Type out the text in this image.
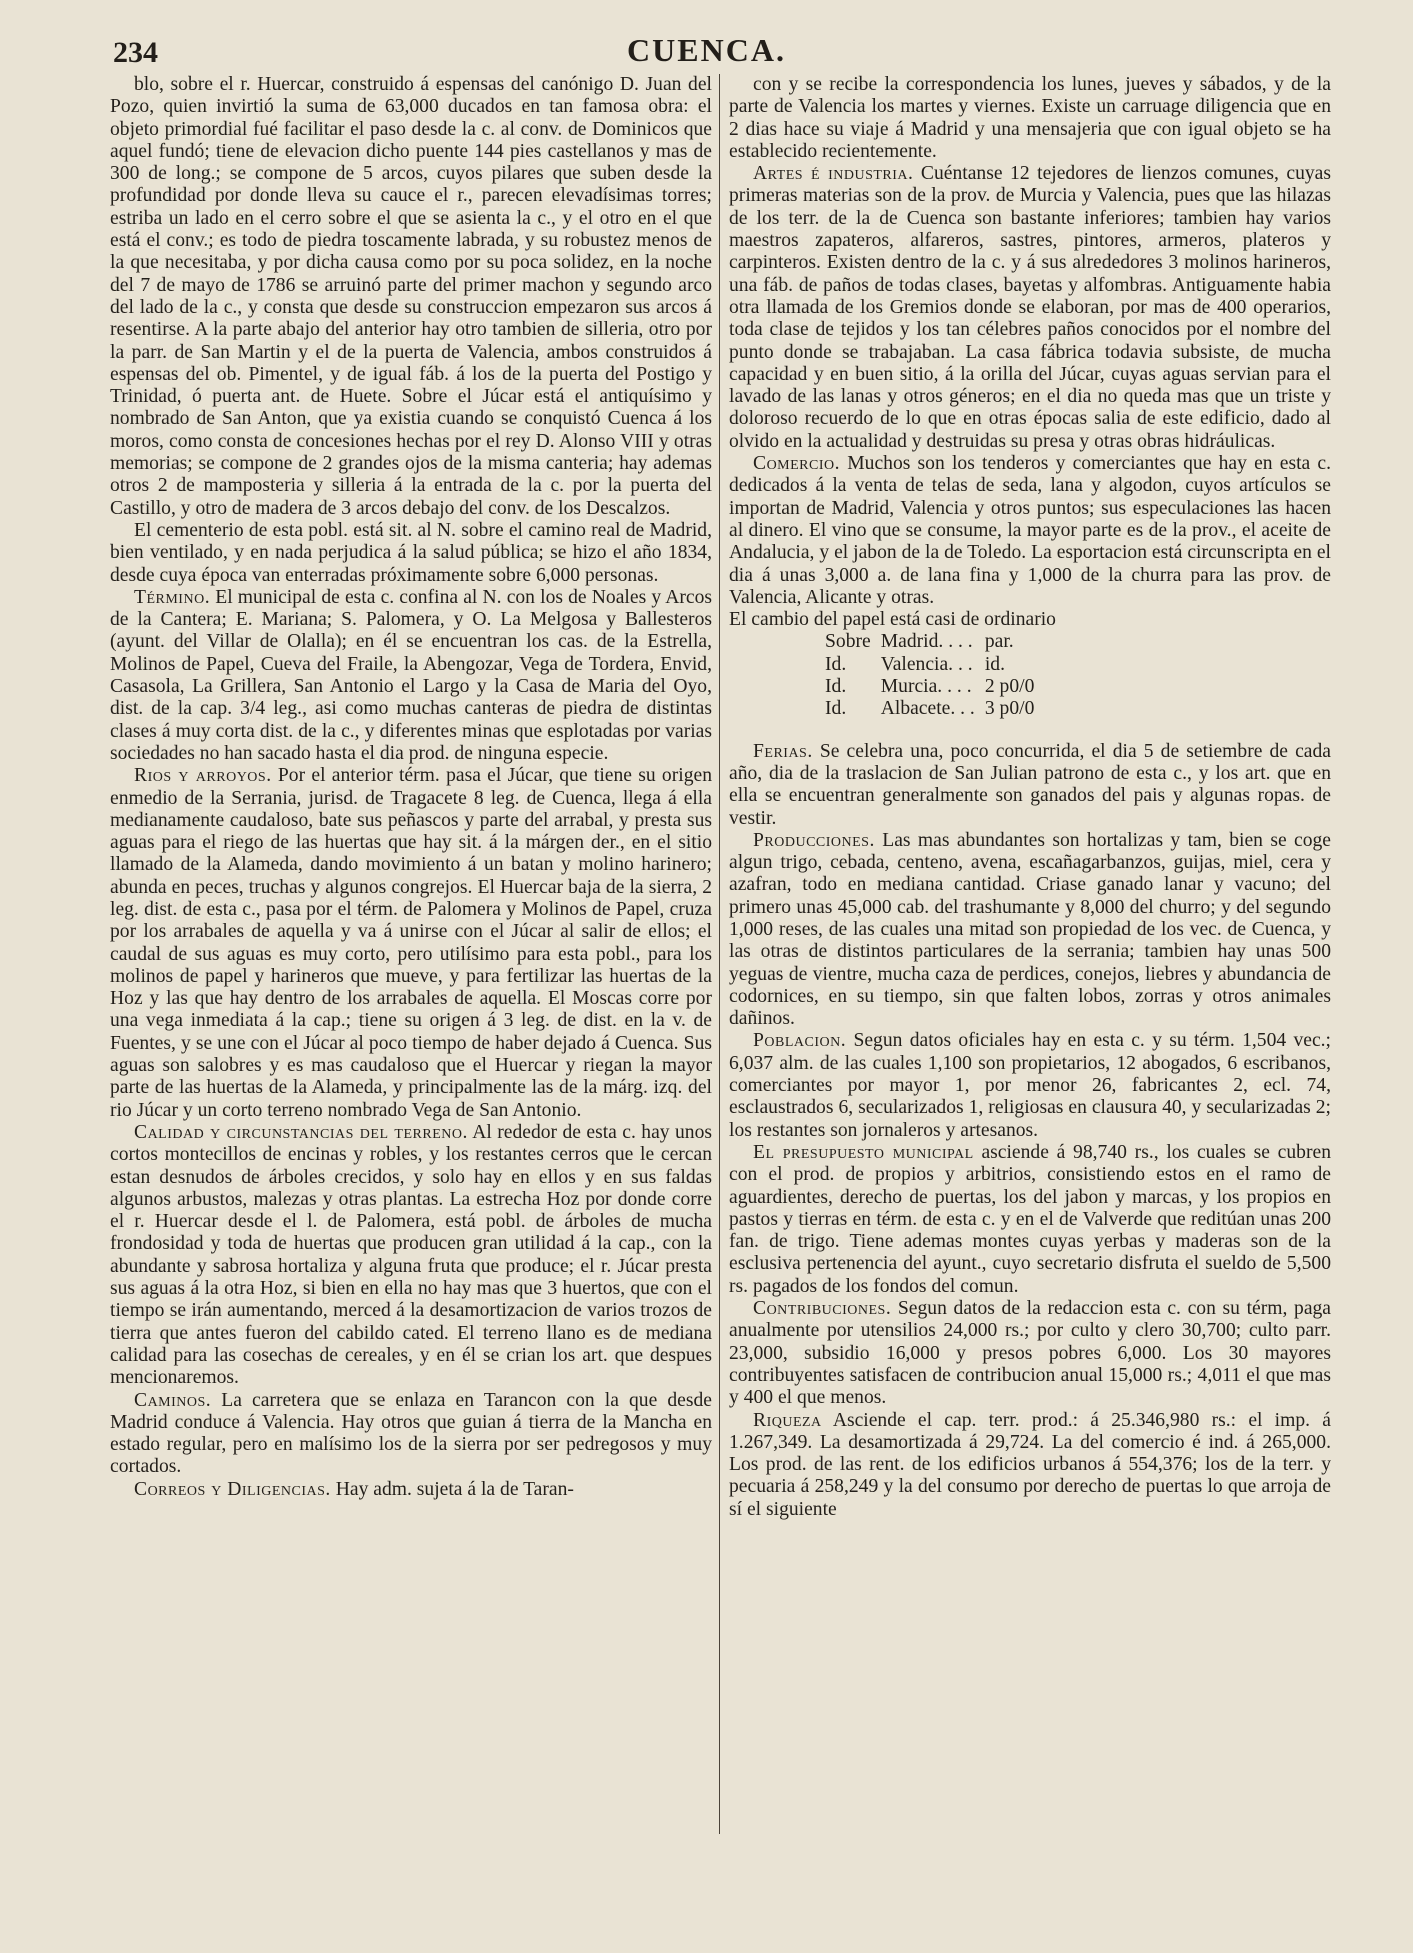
234	CUENCA.

blo, sobre el r. Huercar, construido á espensas del canónigo D. Juan del Pozo, quien invirtió la suma de 63,000 ducados en tan famosa obra: el objeto primordial fué facilitar el paso desde la c. al conv. de Dominicos que aquel fundó; tiene de elevacion dicho puente 144 pies castellanos y mas de 300 de long.; se compone de 5 arcos, cuyos pilares que suben desde la profundidad por donde lleva su cauce el r., parecen elevadísimas torres; estriba un lado en el cerro sobre el que se asienta la c., y el otro en el que está el conv.; es todo de piedra toscamente labrada, y su robustez menos de la que necesitaba, y por dicha causa como por su poca solidez, en la noche del 7 de mayo de 1786 se arruinó parte del primer machon y segundo arco del lado de la c., y consta que desde su construccion empezaron sus arcos á resentirse. A la parte abajo del anterior hay otro tambien de silleria, otro por la parr. de San Martin y el de la puerta de Valencia, ambos construidos á espensas del ob. Pimentel, y de igual fáb. á los de la puerta del Postigo y Trinidad, ó puerta ant. de Huete. Sobre el Júcar está el antiquísimo y nombrado de San Anton, que ya existia cuando se conquistó Cuenca á los moros, como consta de concesiones hechas por el rey D. Alonso VIII y otras memorias; se compone de 2 grandes ojos de la misma canteria; hay ademas otros 2 de mamposteria y silleria á la entrada de la c. por la puerta del Castillo, y otro de madera de 3 arcos debajo del conv. de los Descalzos.

El cementerio de esta pobl. está sit. al N. sobre el camino real de Madrid, bien ventilado, y en nada perjudica á la salud pública; se hizo el año 1834, desde cuya época van enterradas próximamente sobre 6,000 personas.

Término. El municipal de esta c. confina al N. con los de Noales y Arcos de la Cantera; E. Mariana; S. Palomera, y O. La Melgosa y Ballesteros (ayunt. del Villar de Olalla); en él se encuentran los cas. de la Estrella, Molinos de Papel, Cueva del Fraile, la Abengozar, Vega de Tordera, Envid, Casasola, La Grillera, San Antonio el Largo y la Casa de Maria del Oyo, dist. de la cap. 3/4 leg., asi como muchas canteras de piedra de distintas clases á muy corta dist. de la c., y diferentes minas que esplotadas por varias sociedades no han sacado hasta el dia prod. de ninguna especie.

Rios y arroyos. Por el anterior térm. pasa el Júcar, que tiene su origen enmedio de la Serrania, jurisd. de Tragacete 8 leg. de Cuenca, llega á ella medianamente caudaloso, bate sus peñascos y parte del arrabal, y presta sus aguas para el riego de las huertas que hay sit. á la márgen der., en el sitio llamado de la Alameda, dando movimiento á un batan y molino harinero; abunda en peces, truchas y algunos congrejos. El Huercar baja de la sierra, 2 leg. dist. de esta c., pasa por el térm. de Palomera y Molinos de Papel, cruza por los arrabales de aquella y va á unirse con el Júcar al salir de ellos; el caudal de sus aguas es muy corto, pero utilísimo para esta pobl., para los molinos de papel y harineros que mueve, y para fertilizar las huertas de la Hoz y las que hay dentro de los arrabales de aquella. El Moscas corre por una vega inmediata á la cap.; tiene su origen á 3 leg. de dist. en la v. de Fuentes, y se une con el Júcar al poco tiempo de haber dejado á Cuenca. Sus aguas son salobres y es mas caudaloso que el Huercar y riegan la mayor parte de las huertas de la Alameda, y principalmente las de la márg. izq. del rio Júcar y un corto terreno nombrado Vega de San Antonio.

Calidad y circunstancias del terreno. Al rededor de esta c. hay unos cortos montecillos de encinas y robles, y los restantes cerros que le cercan estan desnudos de árboles crecidos, y solo hay en ellos y en sus faldas algunos arbustos, malezas y otras plantas. La estrecha Hoz por donde corre el r. Huercar desde el l. de Palomera, está pobl. de árboles de mucha frondosidad y toda de huertas que producen gran utilidad á la cap., con la abundante y sabrosa hortaliza y alguna fruta que produce; el r. Júcar presta sus aguas á la otra Hoz, si bien en ella no hay mas que 3 huertos, que con el tiempo se irán aumentando, merced á la desamortizacion de varios trozos de tierra que antes fueron del cabildo cated. El terreno llano es de mediana calidad para las cosechas de cereales, y en él se crian los art. que despues mencionaremos.

Caminos. La carretera que se enlaza en Tarancon con la que desde Madrid conduce á Valencia. Hay otros que guian á tierra de la Mancha en estado regular, pero en malísimo los de la sierra por ser pedregosos y muy cortados.

Correos y Diligencias. Hay adm. sujeta á la de Taran-

con y se recibe la correspondencia los lunes, jueves y sábados, y de la parte de Valencia los martes y viernes. Existe un carruage diligencia que en 2 dias hace su viaje á Madrid y una mensajeria que con igual objeto se ha establecido recientemente.

Artes é industria. Cuéntanse 12 tejedores de lienzos comunes, cuyas primeras materias son de la prov. de Murcia y Valencia, pues que las hilazas de los terr. de la de Cuenca son bastante inferiores; tambien hay varios maestros zapateros, alfareros, sastres, pintores, armeros, plateros y carpinteros. Existen dentro de la c. y á sus alrededores 3 molinos harineros, una fáb. de paños de todas clases, bayetas y alfombras. Antiguamente habia otra llamada de los Gremios donde se elaboran, por mas de 400 operarios, toda clase de tejidos y los tan célebres paños conocidos por el nombre del punto donde se trabajaban. La casa fábrica todavia subsiste, de mucha capacidad y en buen sitio, á la orilla del Júcar, cuyas aguas servian para el lavado de las lanas y otros géneros; en el dia no queda mas que un triste y doloroso recuerdo de lo que en otras épocas salia de este edificio, dado al olvido en la actualidad y destruidas su presa y otras obras hidráulicas.

Comercio. Muchos son los tenderos y comerciantes que hay en esta c. dedicados á la venta de telas de seda, lana y algodon, cuyos artículos se importan de Madrid, Valencia y otros puntos; sus especulaciones las hacen al dinero. El vino que se consume, la mayor parte es de la prov., el aceite de Andalucia, y el jabon de la de Toledo. La esportacion está circunscripta en el dia á unas 3,000 a. de lana fina y 1,000 de la churra para las prov. de Valencia, Alicante y otras.

El cambio del papel está casi de ordinario

Sobre	Madrid. . . .	par.
Id.	Valencia. . .	id.
Id.	Murcia. . . .	2 p0/0
Id.	Albacete. . .	3 p0/0

Ferias. Se celebra una, poco concurrida, el dia 5 de setiembre de cada año, dia de la traslacion de San Julian patrono de esta c., y los art. que en ella se encuentran generalmente son ganados del pais y algunas ropas. de vestir.

Producciones. Las mas abundantes son hortalizas y tam, bien se coge algun trigo, cebada, centeno, avena, escañagarbanzos, guijas, miel, cera y azafran, todo en mediana cantidad. Criase ganado lanar y vacuno; del primero unas 45,000 cab. del trashumante y 8,000 del churro; y del segundo 1,000 reses, de las cuales una mitad son propiedad de los vec. de Cuenca, y las otras de distintos particulares de la serrania; tambien hay unas 500 yeguas de vientre, mucha caza de perdices, conejos, liebres y abundancia de codornices, en su tiempo, sin que falten lobos, zorras y otros animales dañinos.

Poblacion. Segun datos oficiales hay en esta c. y su térm. 1,504 vec.; 6,037 alm. de las cuales 1,100 son propietarios, 12 abogados, 6 escribanos, comerciantes por mayor 1, por menor 26, fabricantes 2, ecl. 74, esclaustrados 6, secularizados 1, religiosas en clausura 40, y secularizadas 2; los restantes son jornaleros y artesanos.

El presupuesto municipal asciende á 98,740 rs., los cuales se cubren con el prod. de propios y arbitrios, consistiendo estos en el ramo de aguardientes, derecho de puertas, los del jabon y marcas, y los propios en pastos y tierras en térm. de esta c. y en el de Valverde que reditúan unas 200 fan. de trigo. Tiene ademas montes cuyas yerbas y maderas son de la esclusiva pertenencia del ayunt., cuyo secretario disfruta el sueldo de 5,500 rs. pagados de los fondos del comun.

Contribuciones. Segun datos de la redaccion esta c. con su térm, paga anualmente por utensilios 24,000 rs.; por culto y clero 30,700; culto parr. 23,000, subsidio 16,000 y presos pobres 6,000. Los 30 mayores contribuyentes satisfacen de contribucion anual 15,000 rs.; 4,011 el que mas y 400 el que menos.

Riqueza Asciende el cap. terr. prod.: á 25.346,980 rs.: el imp. á 1.267,349. La desamortizada á 29,724. La del comercio é ind. á 265,000. Los prod. de las rent. de los edificios urbanos á 554,376; los de la terr. y pecuaria á 258,249 y la del consumo por derecho de puertas lo que arroja de sí el siguiente
